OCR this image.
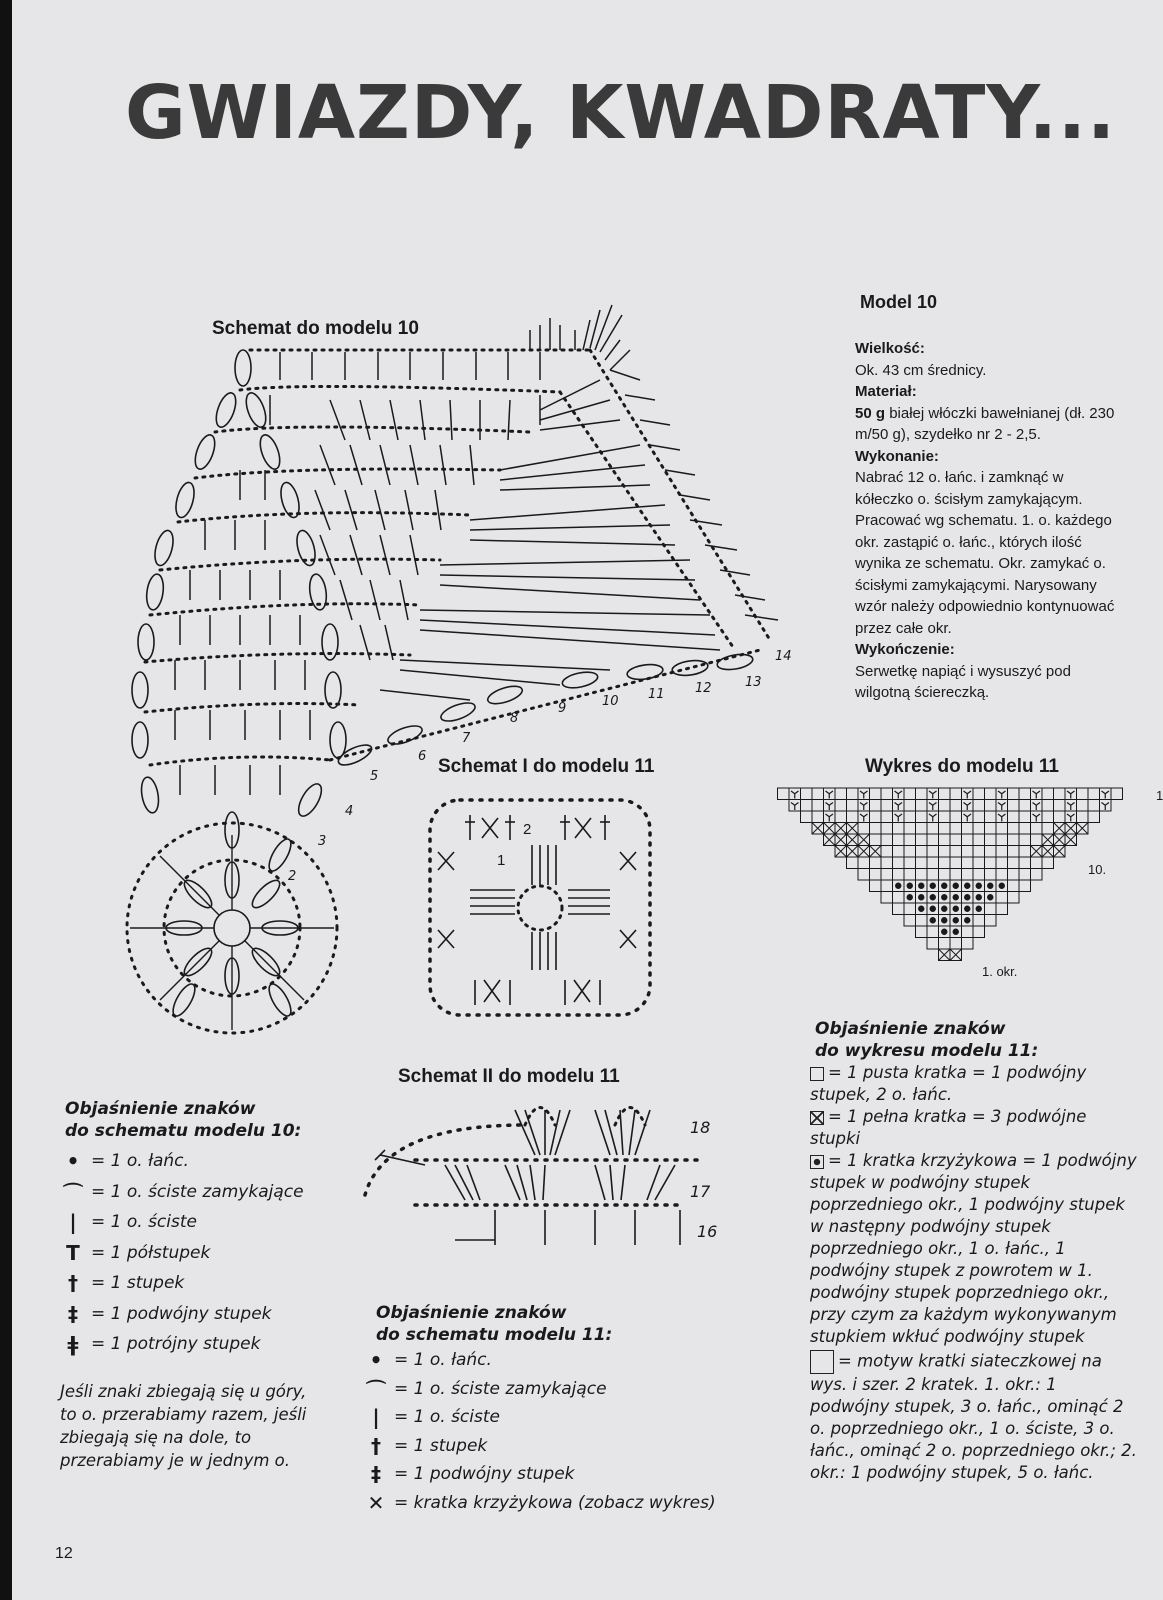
GWIAZDY, KWADRATY...
Schemat do modelu 10
2
3
4
5
6
7
8
9	10 11 12	13
14
Model 10
Wielkość:
Ok. 43 cm średnicy.
Materiał:
50 g białej włóczki bawełnianej (dł. 230 m/50 g), szydełko nr 2 - 2,5.
Wykonanie:
Nabrać 12 o. łańc. i zamknąć w kółeczko o. ścisłym zamykającym. Pracować wg schematu. 1. o. każdego okr. zastąpić o. łańc., których ilość wynika ze schematu. Okr. zamykać o. ścisłymi zamykającymi. Narysowany wzór należy odpowiednio kontynuować przez całe okr.
Wykończenie:
Serwetkę napiąć i wysuszyć pod wilgotną ściereczką.
Schemat I do modelu 11
1
2
Wykres do modelu 11
10.
1. okr.
1
Schemat II do modelu 11
18
17
16
Objaśnienie znaków
do schematu modelu 10:
• = 1 o. łańc.
⌒ = 1 o. ściste zamykające
| = 1 o. ściste
T = 1 półstupek
† = 1 stupek
‡ = 1 podwójny stupek
ǂ = 1 potrójny stupek
Jeśli znaki zbiegają się u góry, to o. przerabiamy razem, jeśli zbiegają się na dole, to przerabiamy je w jednym o.
Objaśnienie znaków
do schematu modelu 11:
• = 1 o. łańc.
⌒ = 1 o. ściste zamykające
| = 1 o. ściste
† = 1 stupek
‡ = 1 podwójny stupek
✕ = kratka krzyżykowa (zobacz wykres)
Objaśnienie znaków
do wykresu modelu 11:

= 1 pusta kratka = 1 podwójny stupek, 2 o. łańc.

= 1 pełna kratka = 3 podwójne stupki

= 1 kratka krzyżykowa = 1 podwójny stupek w podwójny stupek poprzedniego okr., 1 podwójny stupek w następny podwójny stupek poprzedniego okr., 1 o. łańc., 1 podwójny stupek z powrotem w 1. podwójny stupek poprzedniego okr., przy czym za każdym wykonywanym stupkiem wkłuć podwójny stupek

= motyw kratki siateczkowej na wys. i szer. 2 kratek. 1. okr.: 1 podwójny stupek, 3 o. łańc., ominąć 2 o. poprzedniego okr., 1 o. ściste, 3 o. łańc., ominąć 2 o. poprzedniego okr.; 2. okr.: 1 podwójny stupek, 5 o. łańc.

12
